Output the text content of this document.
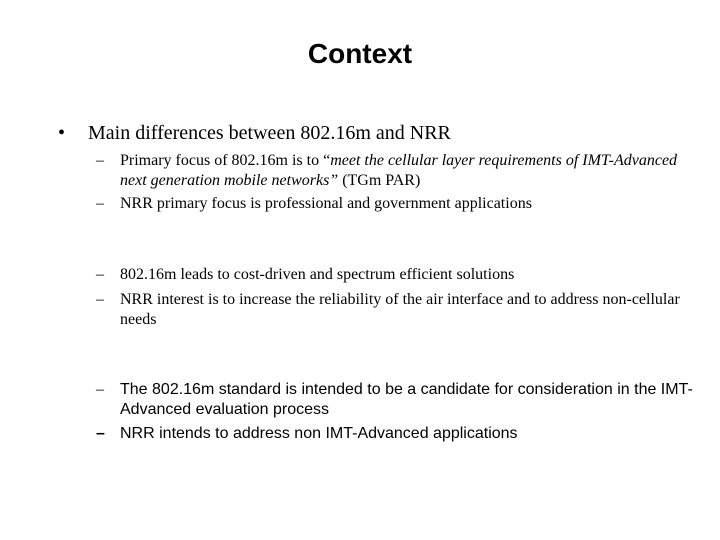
Context
• Main differences between 802.16m and NRR
– Primary focus of 802.16m is to “meet the cellular layer requirements of IMT-Advanced next generation mobile networks” (TGm PAR)
– NRR primary focus is professional and government applications
– 802.16m leads to cost-driven and spectrum efficient solutions
– NRR interest is to increase the reliability of the air interface and to address non-cellular needs
– The 802.16m standard is intended to be a candidate for consideration in the IMT-Advanced evaluation process
– NRR intends to address non IMT-Advanced applications
